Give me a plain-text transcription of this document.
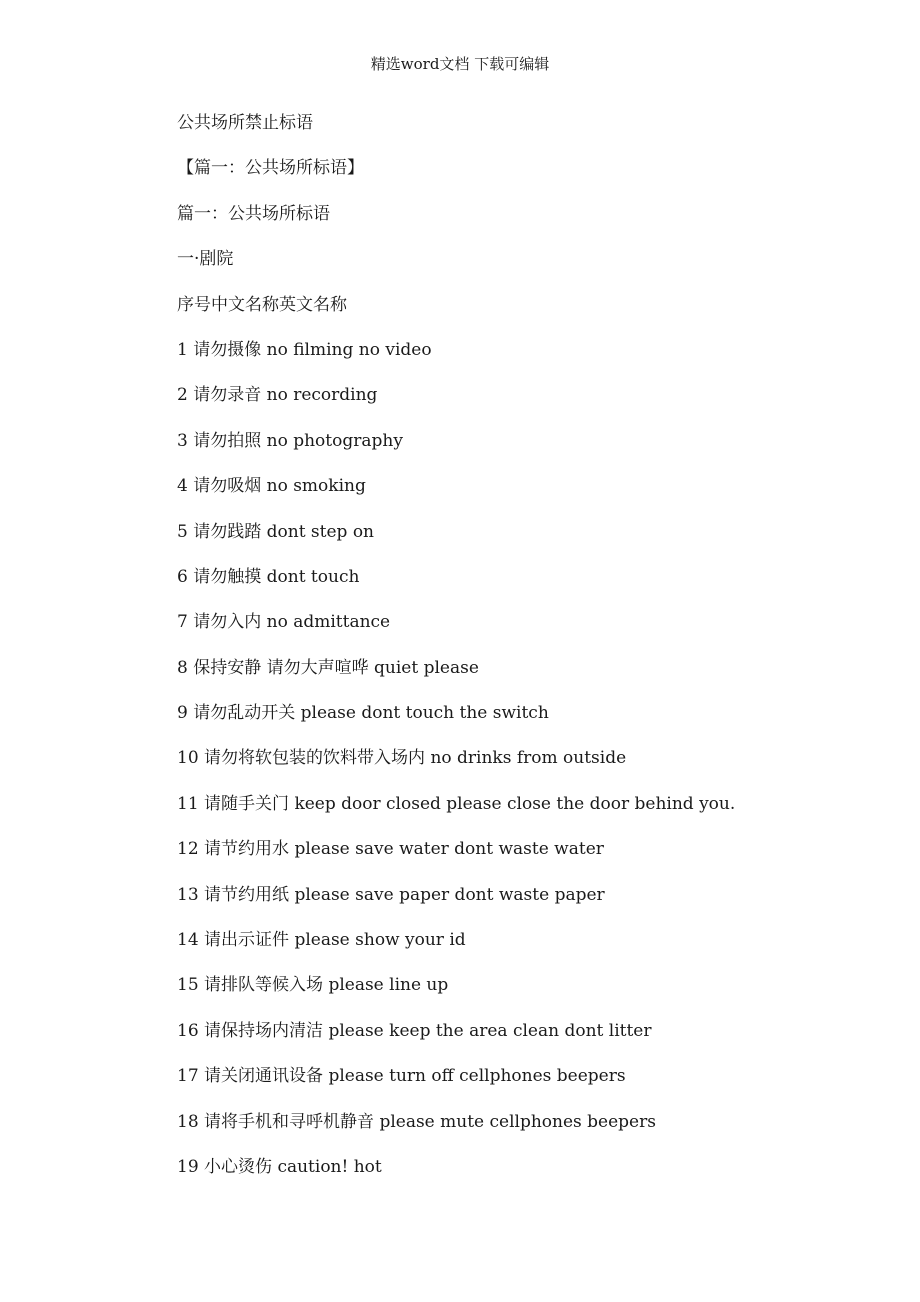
精选word文档 下载可编辑
公共场所禁止标语
【篇一：公共场所标语】
篇一：公共场所标语
一·剧院
序号中文名称英文名称
1 请勿摄像 no filming no video
2 请勿录音 no recording
3 请勿拍照 no photography
4 请勿吸烟 no smoking
5 请勿践踏 dont step on
6 请勿触摸 dont touch
7 请勿入内 no admittance
8 保持安静 请勿大声喧哗 quiet please
9 请勿乱动开关 please dont touch the switch
10 请勿将软包装的饮料带入场内 no drinks from outside
11 请随手关门 keep door closed please close the door behind you.
12 请节约用水 please save water dont waste water
13 请节约用纸 please save paper dont waste paper
14 请出示证件 please show your id
15 请排队等候入场 please line up
16 请保持场内清洁 please keep the area clean dont litter
17 请关闭通讯设备 please turn off cellphones beepers
18 请将手机和寻呼机静音 please mute cellphones beepers
19 小心烫伤 caution! hot
